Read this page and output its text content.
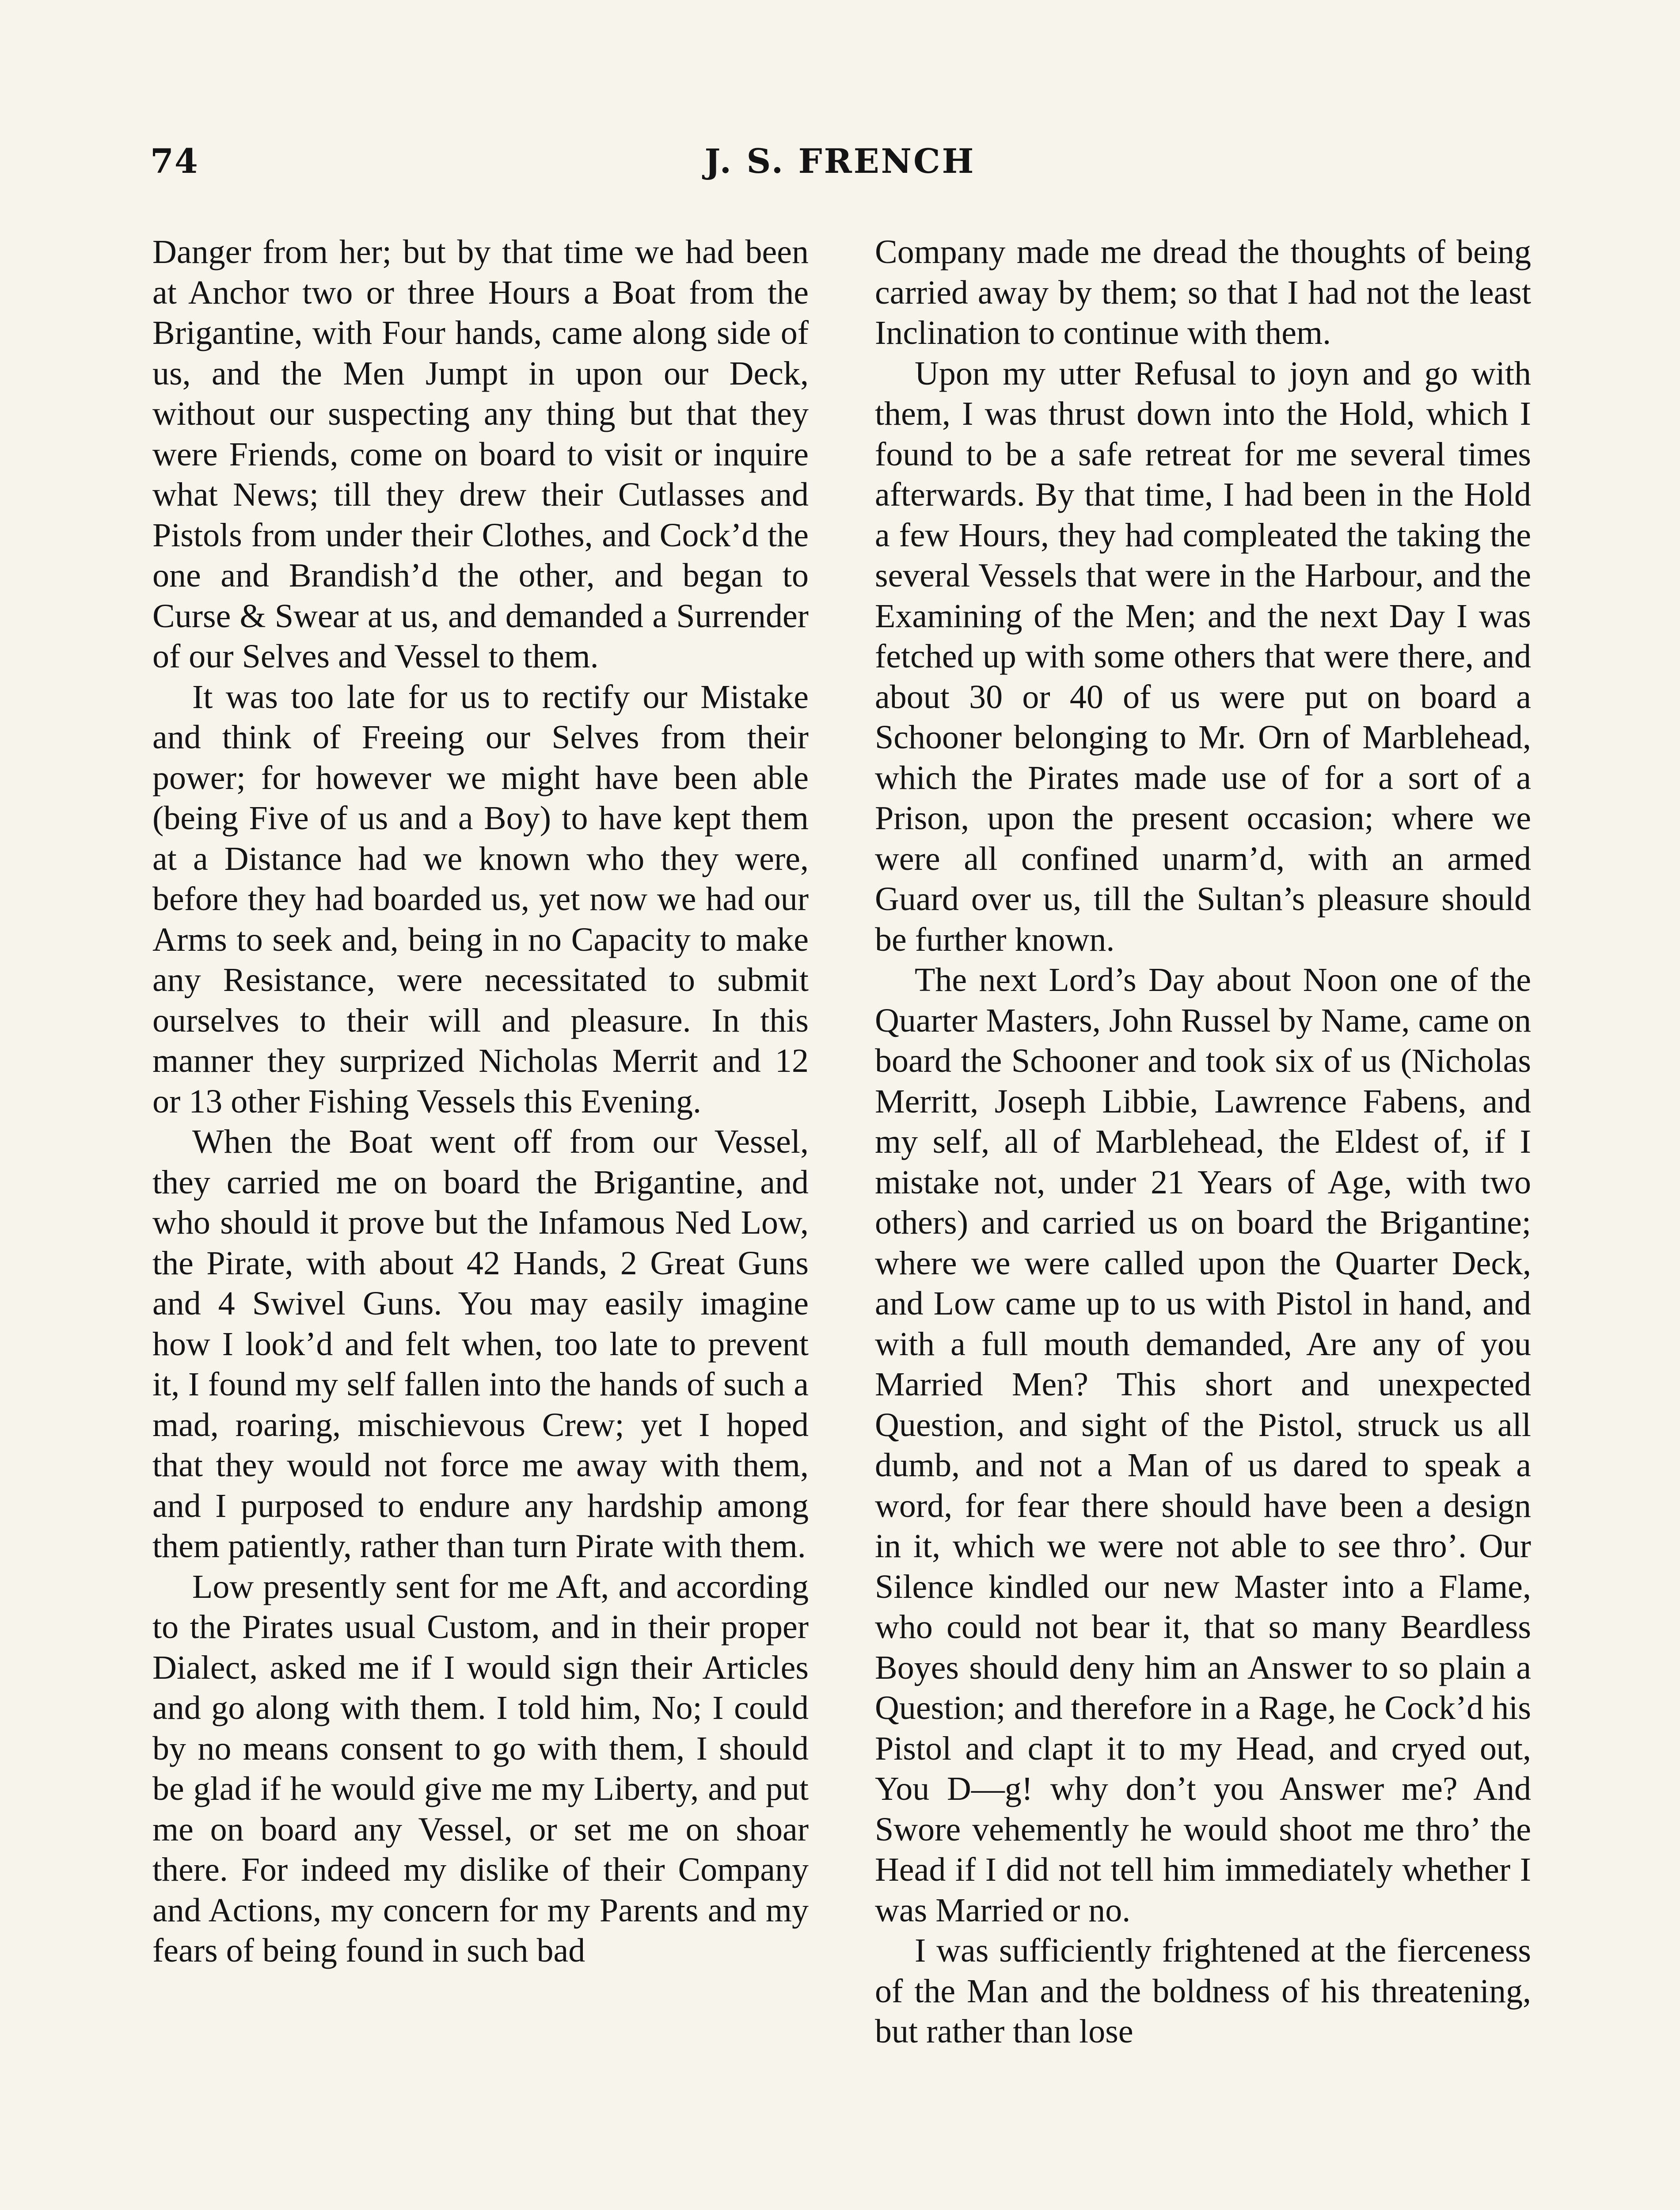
74	J. S. FRENCH

Danger from her; but by that time we had been at Anchor two or three Hours a Boat from the Brigantine, with Four hands, came along side of us, and the Men Jumpt in upon our Deck, without our suspecting any thing but that they were Friends, come on board to visit or inquire what News; till they drew their Cutlasses and Pistols from under their Clothes, and Cock’d the one and Brandish’d the other, and began to Curse & Swear at us, and demanded a Surrender of our Selves and Vessel to them.

It was too late for us to rectify our Mistake and think of Freeing our Selves from their power; for however we might have been able (being Five of us and a Boy) to have kept them at a Distance had we known who they were, before they had boarded us, yet now we had our Arms to seek and, being in no Capacity to make any Resistance, were necessitated to submit ourselves to their will and pleasure. In this manner they surprized Nicholas Merrit and 12 or 13 other Fishing Vessels this Evening.

When the Boat went off from our Vessel, they carried me on board the Brigantine, and who should it prove but the Infamous Ned Low, the Pirate, with about 42 Hands, 2 Great Guns and 4 Swivel Guns. You may easily imagine how I look’d and felt when, too late to prevent it, I found my self fallen into the hands of such a mad, roaring, mischievous Crew; yet I hoped that they would not force me away with them, and I purposed to endure any hardship among them patiently, rather than turn Pirate with them.

Low presently sent for me Aft, and according to the Pirates usual Custom, and in their proper Dialect, asked me if I would sign their Articles and go along with them. I told him, No; I could by no means consent to go with them, I should be glad if he would give me my Liberty, and put me on board any Vessel, or set me on shoar there. For indeed my dislike of their Company and Actions, my concern for my Parents and my fears of being found in such bad

Company made me dread the thoughts of being carried away by them; so that I had not the least Inclination to continue with them.

Upon my utter Refusal to joyn and go with them, I was thrust down into the Hold, which I found to be a safe retreat for me several times afterwards. By that time, I had been in the Hold a few Hours, they had compleated the taking the several Vessels that were in the Harbour, and the Examining of the Men; and the next Day I was fetched up with some others that were there, and about 30 or 40 of us were put on board a Schooner belonging to Mr. Orn of Marblehead, which the Pirates made use of for a sort of a Prison, upon the present occasion; where we were all confined unarm’d, with an armed Guard over us, till the Sultan’s pleasure should be further known.

The next Lord’s Day about Noon one of the Quarter Masters, John Russel by Name, came on board the Schooner and took six of us (Nicholas Merritt, Joseph Libbie, Lawrence Fabens, and my self, all of Marblehead, the Eldest of, if I mistake not, under 21 Years of Age, with two others) and carried us on board the Brigantine; where we were called upon the Quarter Deck, and Low came up to us with Pistol in hand, and with a full mouth demanded, Are any of you Married Men? This short and unexpected Question, and sight of the Pistol, struck us all dumb, and not a Man of us dared to speak a word, for fear there should have been a design in it, which we were not able to see thro’. Our Silence kindled our new Master into a Flame, who could not bear it, that so many Beardless Boyes should deny him an Answer to so plain a Question; and therefore in a Rage, he Cock’d his Pistol and clapt it to my Head, and cryed out, You D—g! why don’t you Answer me? And Swore vehemently he would shoot me thro’ the Head if I did not tell him immediately whether I was Married or no.

I was sufficiently frightened at the fierceness of the Man and the boldness of his threatening, but rather than lose
